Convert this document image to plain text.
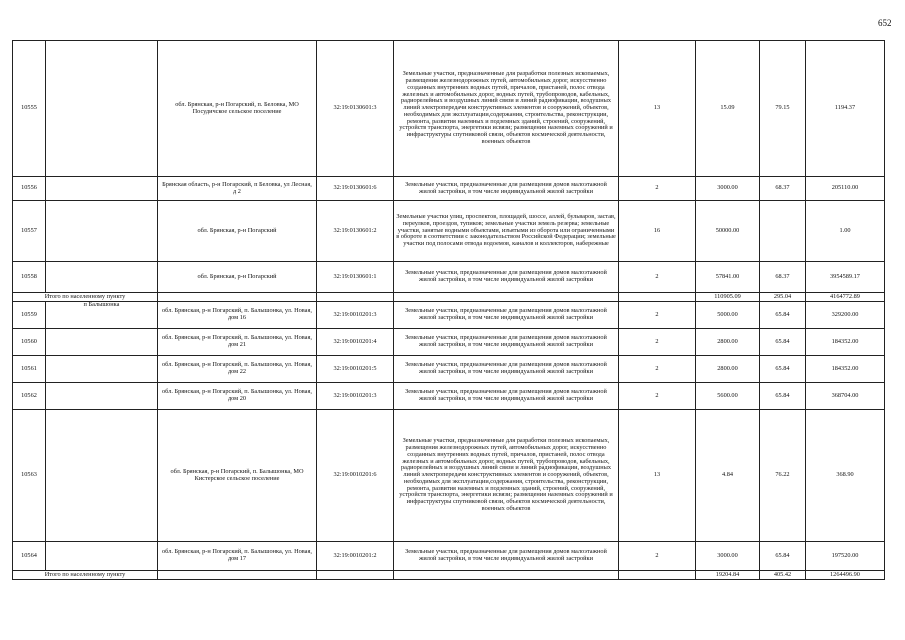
652
10555		обл. Брянская, р-н Погарский, п. Беловка, МО Посудичское сельское поселение	32:19:0130601:3	Земельные участки, предназначенные для разработки полезных ископаемых, размещения железнодорожных путей, автомобильных дорог, искусственно созданных внутренних водных путей, причалов, пристаней, полос отвода железных и автомобильных дорог, водных путей, трубопроводов, кабельных, радиорелейных и воздушных линий связи и линий радиофикации, воздушных линий электропередачи конструктивных элементов и сооружений, объектов, необходимых для эксплуатации,содержания, строительства, реконструкции, ремонта, развития наземных и подземных зданий, строений, сооружений, устройств транспорта, энергетики исвязи; размещения наземных сооружений и инфраструктуры спутниковой связи, объектов космической деятельности, военных объектов	13	15.09	79.15	1194.37
10556		Брянская область, р-н Погарский, п Беловка, ул Лесная, д 2	32:19:0130601:6	Земельные участки, предназначенные для размещения домов малоэтажной жилой застройки, в том числе индивидуальной жилой застройки	2	3000.00	68.37	205110.00
10557		обл. Брянская, р-н Погарский	32:19:0130601:2	Земельные участки улиц, проспектов, площадей, шоссе, аллей, бульваров, застав, переулков, проездов, тупиков; земельные участки земель резерва; земельные участки, занятые водными объектами, изъятыми из оборота или ограниченными в обороте в соответствии с законодательством Российской Федерации; земельные участки под полосами отвода водоемов, каналов и коллекторов, набережные	16	50000.00		1.00
10558		обл. Брянская, р-н Погарский	32:19:0130601:1	Земельные участки, предназначенные для размещения домов малоэтажной жилой застройки, в том числе индивидуальной жилой застройки	2	57841.00	68.37	3954589.17
Итого по населенному пункту						110905.09	295.04	4164772.89
10559	п Балышонка	обл. Брянская, р-н Погарский, п. Балышонка, ул. Новая, дом 16	32:19:0010201:3	Земельные участки, предназначенные для размещения домов малоэтажной жилой застройки, в том числе индивидуальной жилой застройки	2	5000.00	65.84	329200.00
10560		обл. Брянская, р-н Погарский, п. Балышонка, ул. Новая, дом 21	32:19:0010201:4	Земельные участки, предназначенные для размещения домов малоэтажной жилой застройки, в том числе индивидуальной жилой застройки	2	2800.00	65.84	184352.00
10561		обл. Брянская, р-н Погарский, п. Балышонка, ул. Новая, дом 22	32:19:0010201:5	Земельные участки, предназначенные для размещения домов малоэтажной жилой застройки, в том числе индивидуальной жилой застройки	2	2800.00	65.84	184352.00
10562		обл. Брянская, р-н Погарский, п. Балышонка, ул. Новая, дом 20	32:19:0010201:3	Земельные участки, предназначенные для размещения домов малоэтажной жилой застройки, в том числе индивидуальной жилой застройки	2	5600.00	65.84	368704.00
10563		обл. Брянская, р-н Погарский, п. Балышонка, МО Кистерское сельское поселение	32:19:0010201:6	Земельные участки, предназначенные для разработки полезных ископаемых, размещения железнодорожных путей, автомобильных дорог, искусственно созданных внутренних водных путей, причалов, пристаней, полос отвода железных и автомобильных дорог, водных путей, трубопроводов, кабельных, радиорелейных и воздушных линий связи и линий радиофикации, воздушных линий электропередачи конструктивных элементов и сооружений, объектов, необходимых для эксплуатации,содержания, строительства, реконструкции, ремонта, развития наземных и подземных зданий, строений, сооружений, устройств транспорта, энергетики исвязи; размещения наземных сооружений и инфраструктуры спутниковой связи, объектов космической деятельности, военных объектов	13	4.84	76.22	368.90
10564		обл. Брянская, р-н Погарский, п. Балышонка, ул. Новая, дом 17	32:19:0010201:2	Земельные участки, предназначенные для размещения домов малоэтажной жилой застройки, в том числе индивидуальной жилой застройки	2	3000.00	65.84	197520.00
Итого по населенному пункту						19204.84	405.42	1264496.90
